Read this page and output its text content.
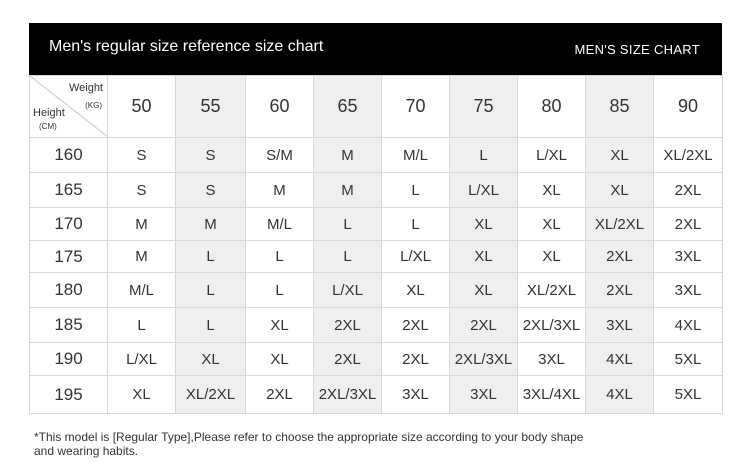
Men's regular size reference size chart	MEN'S SIZE CHART
Weight
(KG)
Height
(CM)	50	55	60	65	70	75	80	85	90
160	S	S	S/M	M	M/L	L	L/XL	XL	XL/2XL
165	S	S	M	M	L	L/XL	XL	XL	2XL
170	M	M	M/L	L	L	XL	XL	XL/2XL	2XL
175	M	L	L	L	L/XL	XL	XL	2XL	3XL
180	M/L	L	L	L/XL	XL	XL	XL/2XL	2XL	3XL
185	L	L	XL	2XL	2XL	2XL	2XL/3XL	3XL	4XL
190	L/XL	XL	XL	2XL	2XL	2XL/3XL	3XL	4XL	5XL
195	XL	XL/2XL	2XL	2XL/3XL	3XL	3XL	3XL/4XL	4XL	5XL
*This model is [Regular Type],Please refer to choose the appropriate size according to your body shape and wearing habits.
